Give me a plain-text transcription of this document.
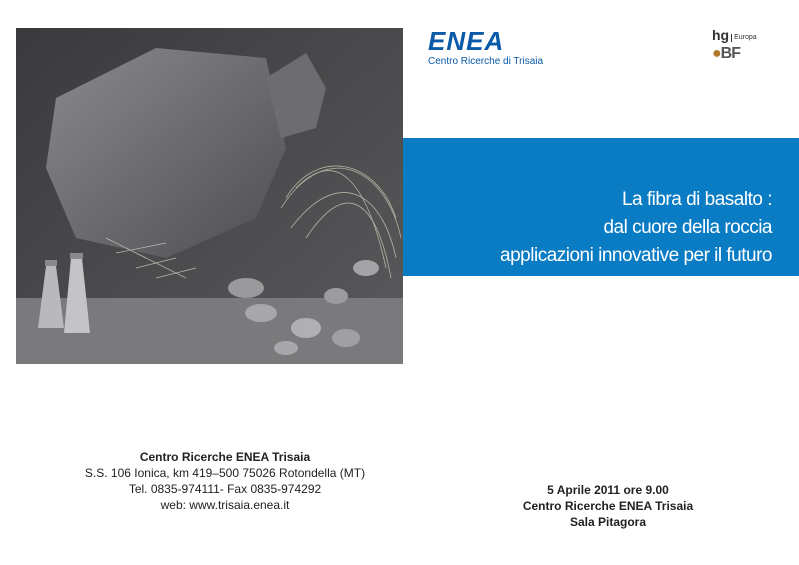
ENEA
Centro Ricerche di Trisaia
hg Europa
●BF
La fibra di basalto :
dal cuore della roccia
applicazioni innovative per il futuro
Centro Ricerche ENEA Trisaia
S.S. 106 Ionica, km 419–500 75026 Rotondella (MT)
Tel. 0835-974111- Fax 0835-974292
web: www.trisaia.enea.it
5 Aprile 2011 ore 9.00
Centro Ricerche ENEA Trisaia
Sala Pitagora
